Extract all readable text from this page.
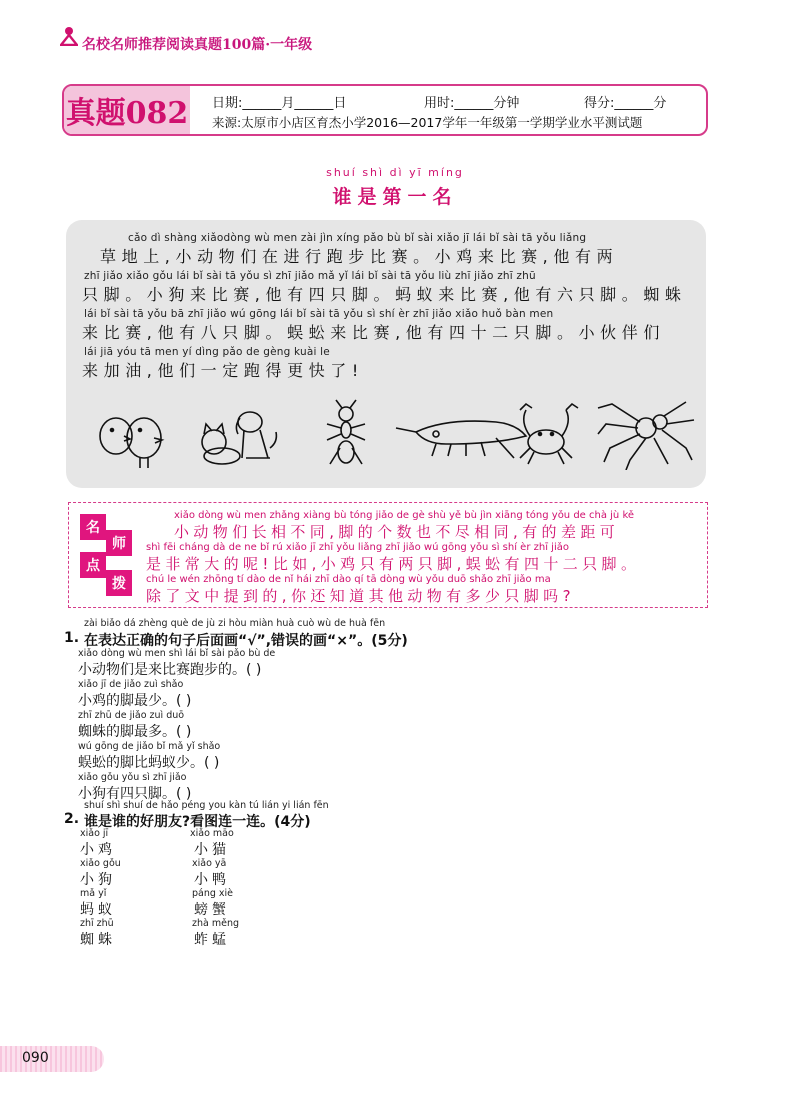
名校名师推荐阅读真题100篇·一年级
真题082 日期:______月______日	用时:______分钟	得分:______分
来源:太原市小店区育杰小学2016—2017学年一年级第一学期学业水平测试题
shuí shì dì yī míng
谁是第一名
cǎo dì shàng xiǎodòng wù men zài jìn xíng pǎo bù bǐ sài xiǎo jī lái bǐ sài tā yǒu liǎng
草地上,小动物们在进行跑步比赛。小鸡来比赛,他有两
zhī jiǎo xiǎo gǒu lái bǐ sài tā yǒu sì zhī jiǎo mǎ yǐ lái bǐ sài tā yǒu liù zhī jiǎo zhī zhū
只脚。小狗来比赛,他有四只脚。蚂蚁来比赛,他有六只脚。蜘蛛
lái bǐ sài tā yǒu bā zhī jiǎo wú gōng lái bǐ sài tā yǒu sì shí èr zhī jiǎo xiǎo huǒ bàn men
来比赛,他有八只脚。蜈蚣来比赛,他有四十二只脚。小伙伴们
lái jiā yóu tā men yí dìng pǎo de gèng kuài le
来加油,他们一定跑得更快了!
名
师
点
拨
xiǎo dòng wù men zhǎng xiàng bù tóng jiǎo de gè shù yě bù jìn xiāng tóng yǒu de chà jù kě
小动物们长相不同,脚的个数也不尽相同,有的差距可
shì fēi cháng dà de ne bǐ rú xiǎo jī zhī yǒu liǎng zhī jiǎo wú gōng yǒu sì shí èr zhī jiǎo
是非常大的呢!比如,小鸡只有两只脚,蜈蚣有四十二只脚。
chú le wén zhōng tí dào de nǐ hái zhī dào qí tā dòng wù yǒu duō shǎo zhī jiǎo ma
除了文中提到的,你还知道其他动物有多少只脚吗?
zài biǎo dá zhèng què de jù zi hòu miàn huà cuò wù de huà fēn
1. 在表达正确的句子后面画“√”,错误的画“×”。(5分)
xiǎo dòng wù men shì lái bǐ sài pǎo bù de
小动物们是来比赛跑步的。( )
xiǎo jī de jiǎo zuì shǎo
小鸡的脚最少。( )
zhī zhū de jiǎo zuì duō
蜘蛛的脚最多。( )
wú gōng de jiǎo bǐ mǎ yǐ shǎo
蜈蚣的脚比蚂蚁少。( )
xiǎo gǒu yǒu sì zhī jiǎo
小狗有四只脚。( )
shuí shì shuí de hǎo péng you kàn tú lián yi lián fēn
2. 谁是谁的好朋友?看图连一连。(4分)
xiǎo jī
小鸡
xiǎo gǒu
小狗
mǎ yǐ
蚂蚁
zhī zhū
蜘蛛
xiǎo māo
小猫
xiǎo yā
小鸭
páng xiè
螃蟹
zhà měng
蚱蜢
090
